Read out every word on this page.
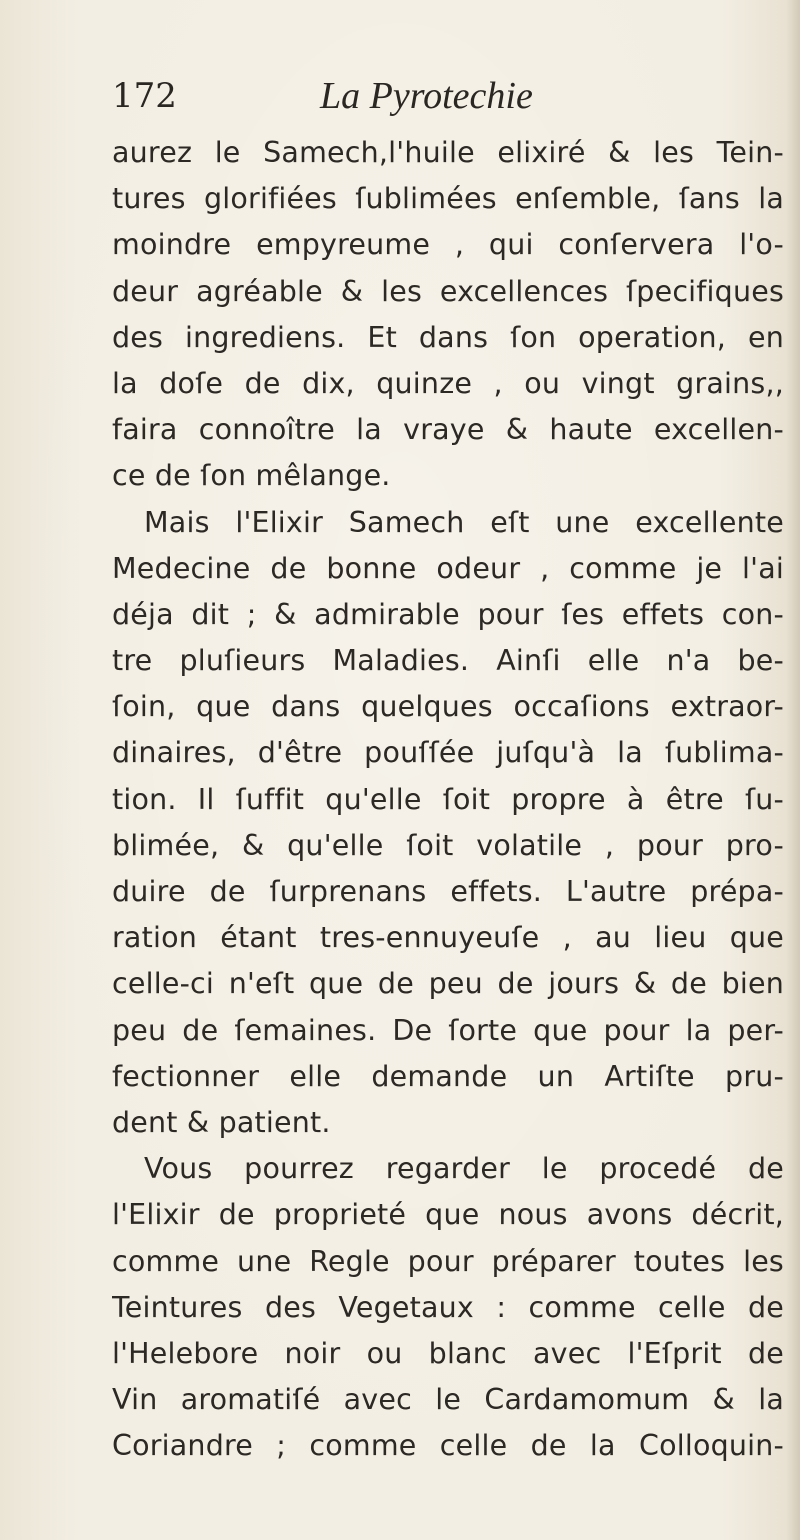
172	La Pyrotechie
aurez le Samech,l'huile elixiré & les Tein-
tures glorifiées ſublimées enſemble, ſans la
moindre empyreume , qui conſervera l'o-
deur agréable & les excellences ſpecifiques
des ingrediens. Et dans ſon operation, en
la doſe de dix, quinze , ou vingt grains,,
faira connoître la vraye & haute excellen-
ce de ſon mêlange.
Mais l'Elixir Samech eſt une excellente
Medecine de bonne odeur , comme je l'ai
déja dit ; & admirable pour ſes effets con-
tre pluſieurs Maladies. Ainſi elle n'a be-
ſoin, que dans quelques occaſions extraor-
dinaires, d'être pouſſée juſqu'à la ſublima-
tion. Il ſuffit qu'elle ſoit propre à être ſu-
blimée, & qu'elle ſoit volatile , pour pro-
duire de ſurprenans effets. L'autre prépa-
ration étant tres-ennuyeuſe , au lieu que
celle-ci n'eſt que de peu de jours & de bien
peu de ſemaines. De ſorte que pour la per-
fectionner elle demande un Artiſte pru-
dent & patient.
Vous pourrez regarder le procedé de
l'Elixir de proprieté que nous avons décrit,
comme une Regle pour préparer toutes les
Teintures des Vegetaux : comme celle de
l'Helebore noir ou blanc avec l'Eſprit de
Vin aromatiſé avec le Cardamomum & la
Coriandre ; comme celle de la Colloquin-
